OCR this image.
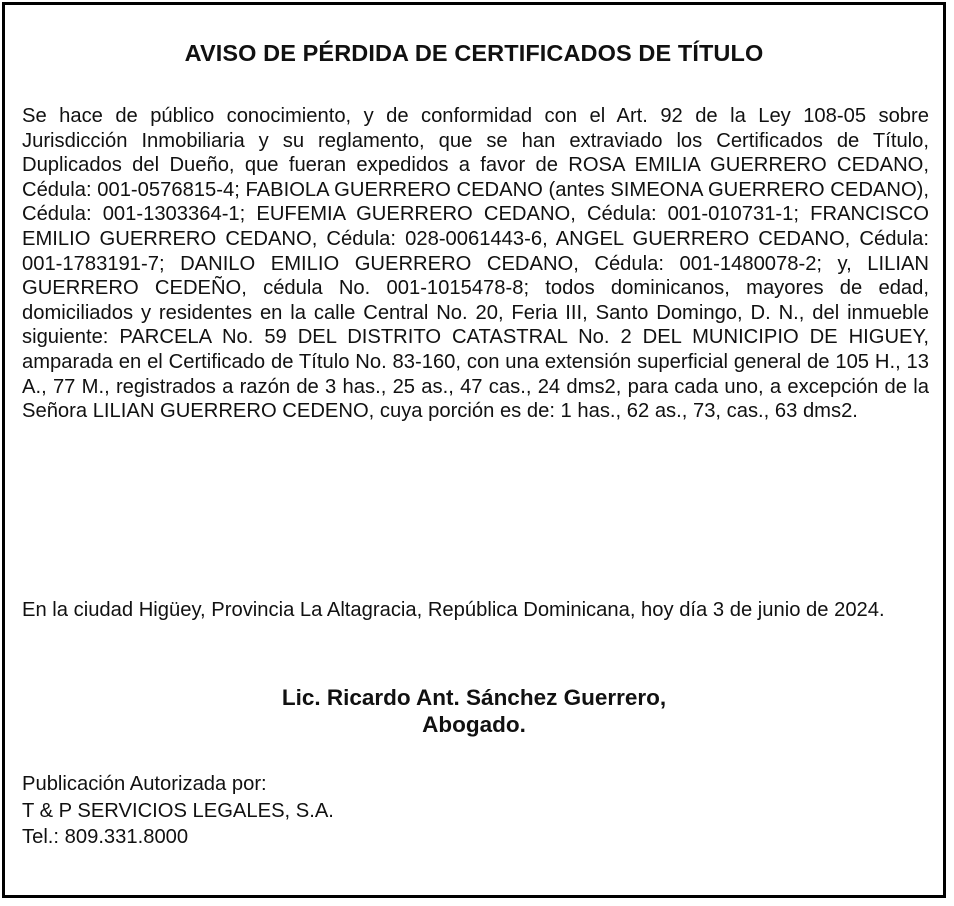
AVISO DE PÉRDIDA DE CERTIFICADOS DE TÍTULO

Se hace de público conocimiento, y de conformidad con el Art. 92 de la Ley 108-05 sobre Jurisdicción Inmobiliaria y su reglamento, que se han extraviado los Certificados de Título, Duplicados del Dueño, que fueran expedidos a favor de ROSA EMILIA GUERRERO CEDANO, Cédula: 001-0576815-4; FABIOLA GUERRERO CEDANO (antes SIMEONA GUERRERO CEDANO), Cédula: 001-1303364-1; EUFEMIA GUERRERO CEDANO, Cédula: 001-010731-1; FRANCISCO EMILIO GUERRERO CEDANO, Cédula: 028-0061443-6, ANGEL GUERRERO CEDANO, Cédula: 001-1783191-7; DANILO EMILIO GUERRERO CEDANO, Cédula: 001-1480078-2; y, LILIAN GUERRERO CEDEÑO, cédula No. 001-1015478-8; todos dominicanos, mayores de edad, domiciliados y residentes en la calle Central No. 20, Feria III, Santo Domingo, D. N., del inmueble siguiente: PARCELA No. 59 DEL DISTRITO CATASTRAL No. 2 DEL MUNICIPIO DE HIGUEY, amparada en el Certificado de Título No. 83-160, con una extensión superficial general de 105 H., 13 A., 77 M., registrados a razón de 3 has., 25 as., 47 cas., 24 dms2, para cada uno, a excepción de la Señora LILIAN GUERRERO CEDENO, cuya porción es de: 1 has., 62 as., 73, cas., 63 dms2.

En la ciudad Higüey, Provincia La Altagracia, República Dominicana, hoy día 3 de junio de 2024.

Lic. Ricardo Ant. Sánchez Guerrero,
Abogado.
Publicación Autorizada por:
T & P SERVICIOS LEGALES, S.A.
Tel.: 809.331.8000
